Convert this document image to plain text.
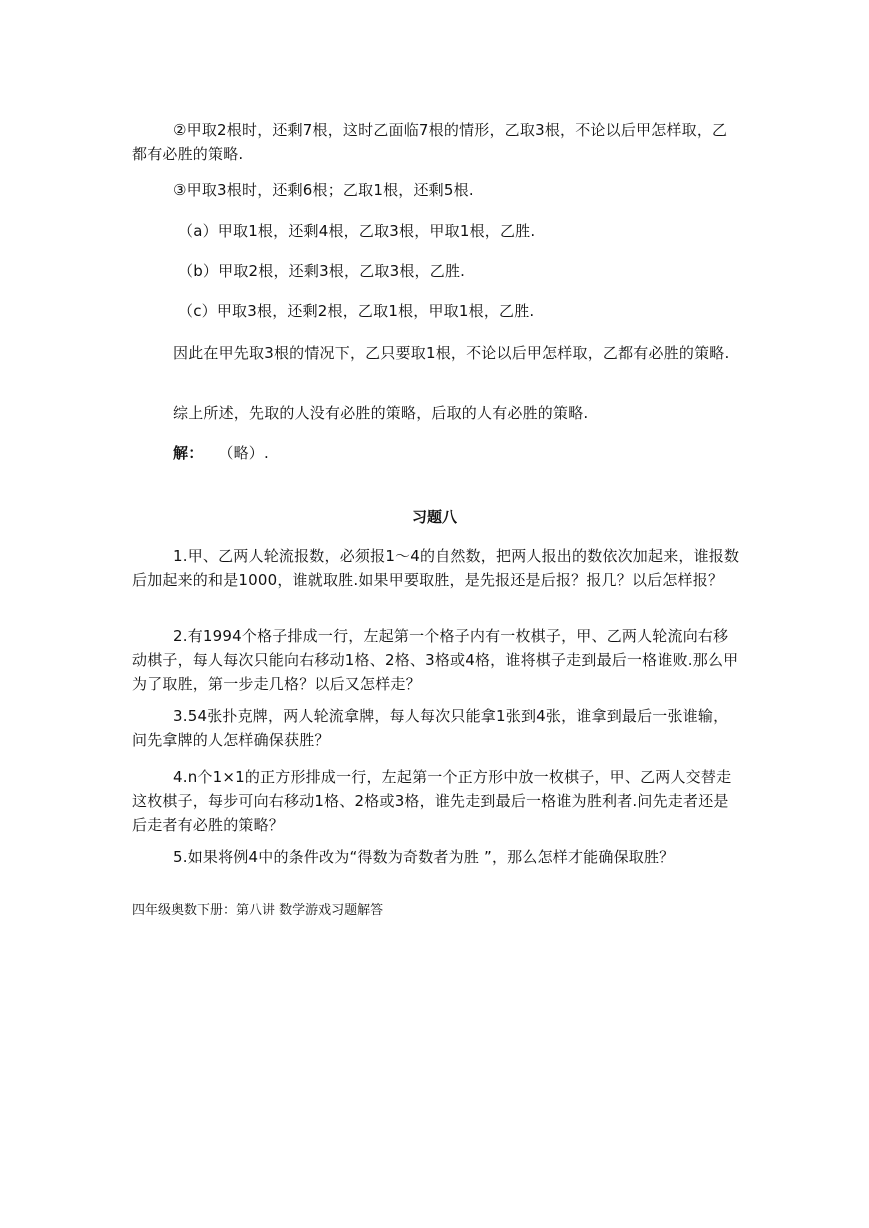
②甲取2根时，还剩7根，这时乙面临7根的情形，乙取3根，不论以后甲怎样取，乙都有必胜的策略.

③甲取3根时，还剩6根；乙取1根，还剩5根.

（a）甲取1根，还剩4根，乙取3根，甲取1根，乙胜.

（b）甲取2根，还剩3根，乙取3根，乙胜.

（c）甲取3根，还剩2根，乙取1根，甲取1根，乙胜.

因此在甲先取3根的情况下，乙只要取1根，不论以后甲怎样取，乙都有必胜的策略.

综上所述，先取的人没有必胜的策略，后取的人有必胜的策略.

解： （略）.

习题八

1.甲、乙两人轮流报数，必须报1～4的自然数，把两人报出的数依次加起来，谁报数后加起来的和是1000，谁就取胜.如果甲要取胜，是先报还是后报？报几？以后怎样报？

2.有1994个格子排成一行，左起第一个格子内有一枚棋子，甲、乙两人轮流向右移动棋子，每人每次只能向右移动1格、2格、3格或4格，谁将棋子走到最后一格谁败.那么甲为了取胜，第一步走几格？以后又怎样走？

3.54张扑克牌，两人轮流拿牌，每人每次只能拿1张到4张，谁拿到最后一张谁输，问先拿牌的人怎样确保获胜？

4.n个1×1的正方形排成一行，左起第一个正方形中放一枚棋子，甲、乙两人交替走这枚棋子，每步可向右移动1格、2格或3格，谁先走到最后一格谁为胜利者.问先走者还是后走者有必胜的策略？

5.如果将例4中的条件改为“得数为奇数者为胜 ”，那么怎样才能确保取胜？

四年级奥数下册：第八讲 数学游戏习题解答
